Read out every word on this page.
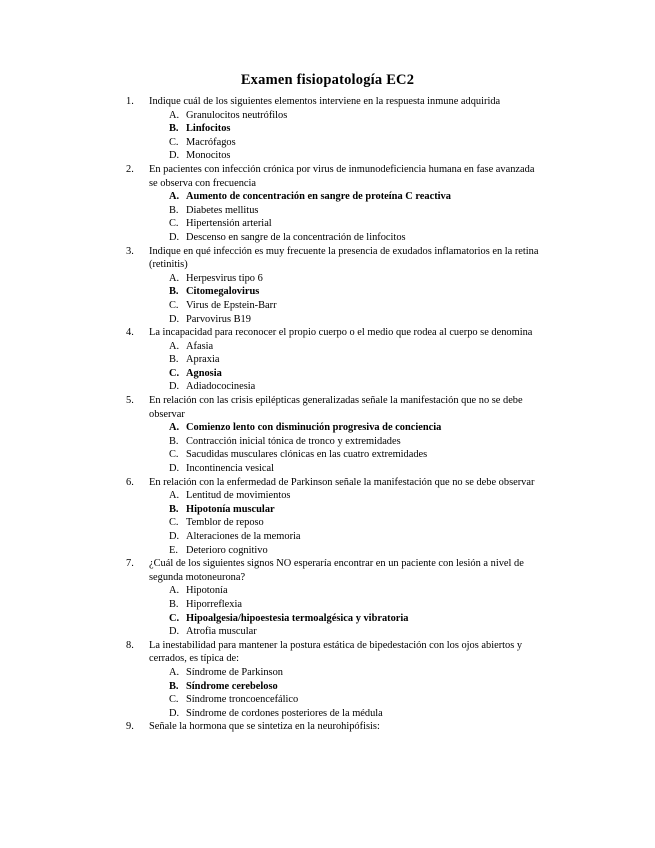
Examen fisiopatología EC2
1. Indique cuál de los siguientes elementos interviene en la respuesta inmune adquirida
A. Granulocitos neutrófilos
B. Linfocitos
C. Macrófagos
D. Monocitos
2. En pacientes con infección crónica por virus de inmunodeficiencia humana en fase avanzada se observa con frecuencia
A. Aumento de concentración en sangre de proteína C reactiva
B. Diabetes mellitus
C. Hipertensión arterial
D. Descenso en sangre de la concentración de linfocitos
3. Indique en qué infección es muy frecuente la presencia de exudados inflamatorios en la retina (retinitis)
A. Herpesvirus tipo 6
B. Citomegalovirus
C. Virus de Epstein-Barr
D. Parvovirus B19
4. La incapacidad para reconocer el propio cuerpo o el medio que rodea al cuerpo se denomina
A. Afasia
B. Apraxia
C. Agnosia
D. Adiadococinesia
5. En relación con las crisis epilépticas generalizadas señale la manifestación que no se debe observar
A. Comienzo lento con disminución progresiva de conciencia
B. Contracción inicial tónica de tronco y extremidades
C. Sacudidas musculares clónicas en las cuatro extremidades
D. Incontinencia vesical
6. En relación con la enfermedad de Parkinson señale la manifestación que no se debe observar
A. Lentitud de movimientos
B. Hipotonía muscular
C. Temblor de reposo
D. Alteraciones de la memoria
E. Deterioro cognitivo
7. ¿Cuál de los siguientes signos NO esperaría encontrar en un paciente con lesión a nivel de segunda motoneurona?
A. Hipotonía
B. Hiporreflexia
C. Hipoalgesia/hipoestesia termoalgésica y vibratoria
D. Atrofia muscular
8. La inestabilidad para mantener la postura estática de bipedestación con los ojos abiertos y cerrados, es típica de:
A. Síndrome de Parkinson
B. Síndrome cerebeloso
C. Síndrome troncoencefálico
D. Síndrome de cordones posteriores de la médula
9. Señale la hormona que se sintetiza en la neurohipófisis:
